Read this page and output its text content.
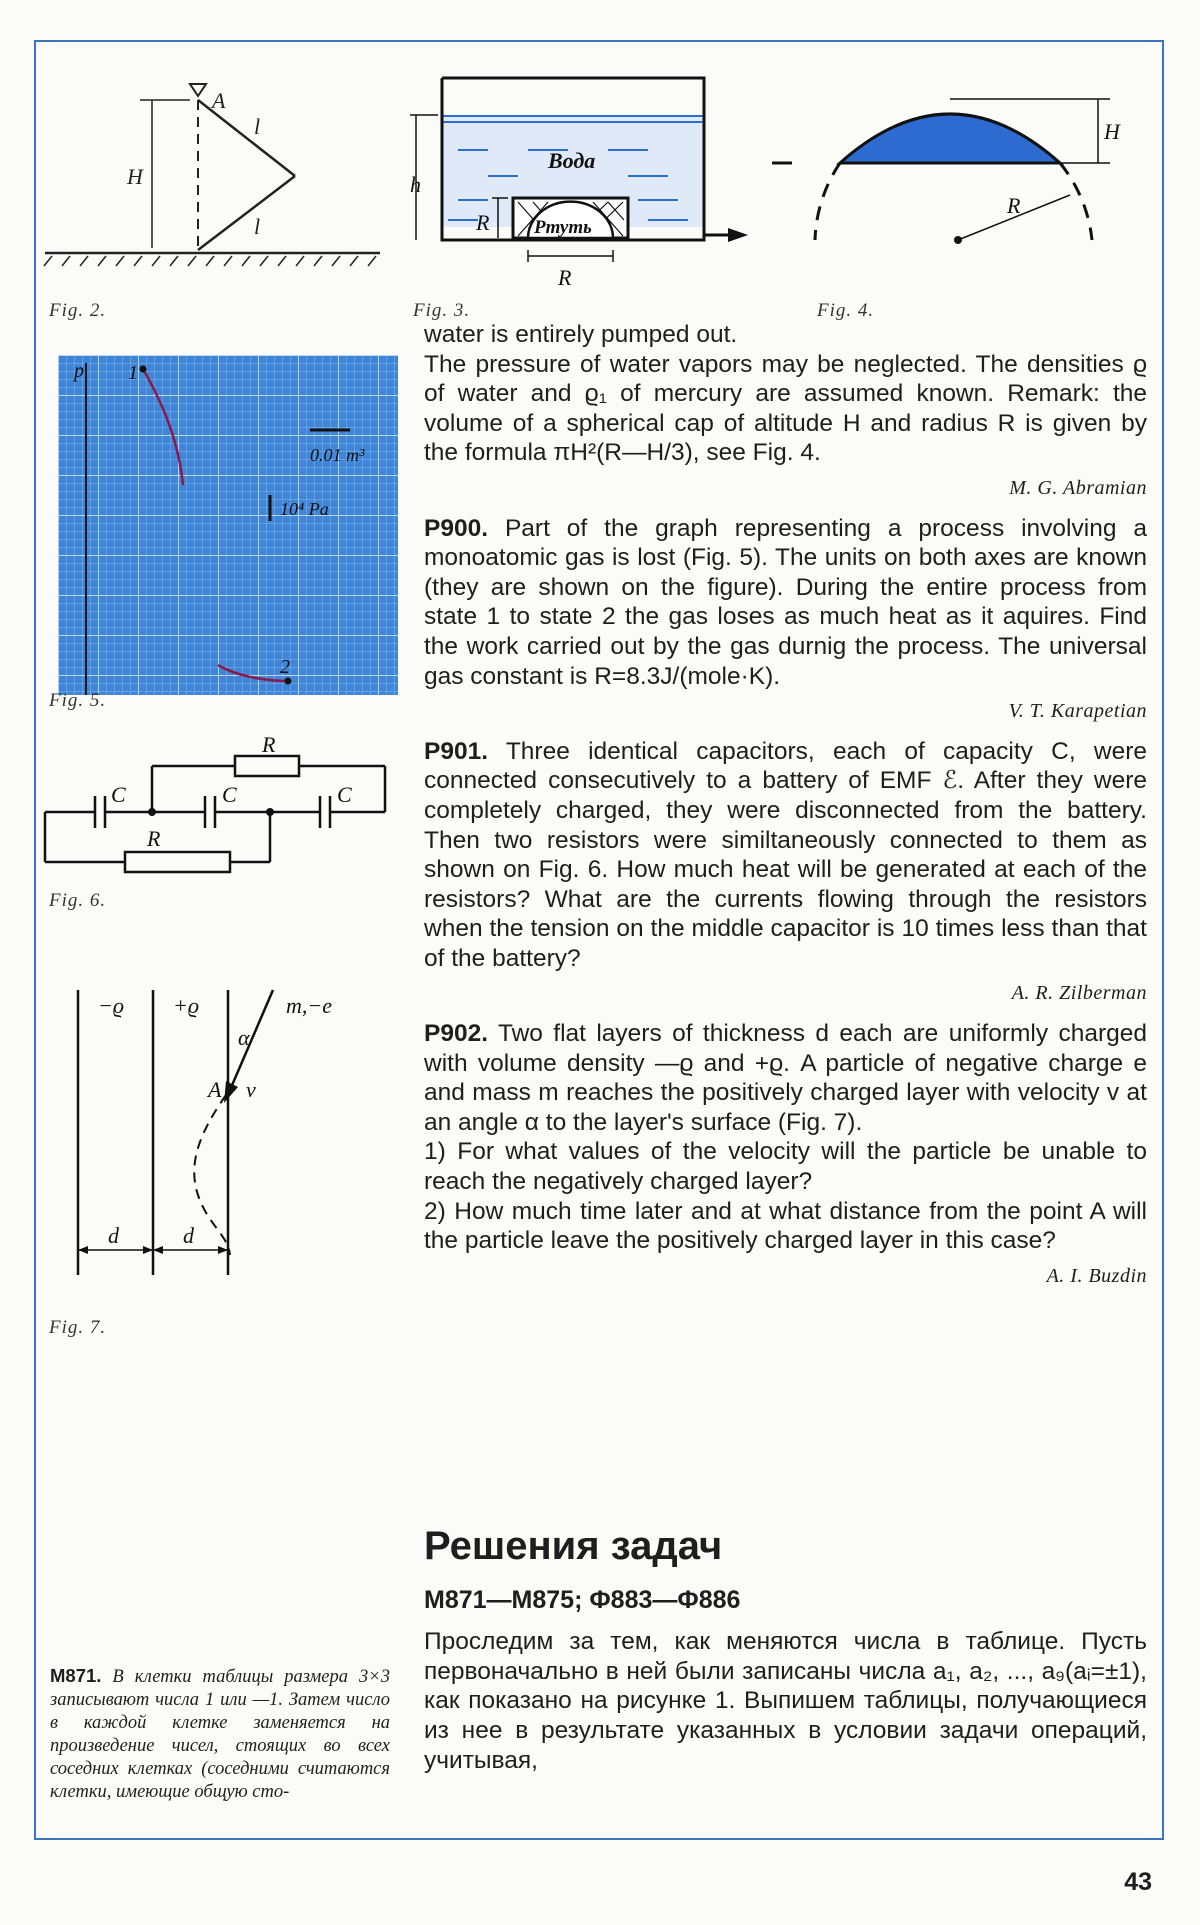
A
H
l
l
Fig. 2.
h
R
R
Вода
Ртуть
Fig. 3.
H
R
Fig. 4.
p 1
2
0.01 m³
10⁴ Pa
Fig. 5.
C	C	C
R
R
Fig. 6.
−ϱ +ϱ	m,−e
α
A v
d	d
Fig. 7.

water is entirely pumped out.

The pressure of water vapors may be neglected. The densities ϱ of water and ϱ₁ of mercury are assumed known. Remark: the volume of a spherical cap of altitude H and radius R is given by the formula πH²(R—H/3), see Fig. 4.

M. G. Abramian

P900. Part of the graph representing a process involving a monoatomic gas is lost (Fig. 5). The units on both axes are known (they are shown on the figure). During the entire process from state 1 to state 2 the gas loses as much heat as it aquires. Find the work carried out by the gas durnig the process. The universal gas constant is R=8.3J/(mole·K).

V. T. Karapetian

P901. Three identical capacitors, each of capacity C, were connected consecutively to a battery of EMF ℰ. After they were completely charged, they were disconnected from the battery. Then two resistors were similtaneously connected to them as shown on Fig. 6. How much heat will be generated at each of the resistors? What are the currents flowing through the resistors when the tension on the middle capacitor is 10 times less than that of the battery?

A. R. Zilberman

P902. Two flat layers of thickness d each are uniformly charged with volume density —ϱ and +ϱ. A particle of negative charge e and mass m reaches the positively charged layer with velocity v at an angle α to the layer's surface (Fig. 7).

1) For what values of the velocity will the particle be unable to reach the negatively charged layer?

2) How much time later and at what distance from the point A will the particle leave the positively charged layer in this case?

A. I. Buzdin
Решения задач
M871—M875; Ф883—Ф886

Проследим за тем, как меняются числа в таблице. Пусть первоначально в ней были записаны числа a₁, a₂, ..., a₉(aᵢ=±1), как показано на рисунке 1. Выпишем таблицы, получающиеся из нее в результате указанных в условии задачи операций, учитывая,

M871. В клетки таблицы размера 3×3 записывают числа 1 или —1. Затем число в каждой клетке заменяется на произведение чисел, стоящих во всех соседних клетках (соседними считаются клетки, имеющие общую сто-
43
